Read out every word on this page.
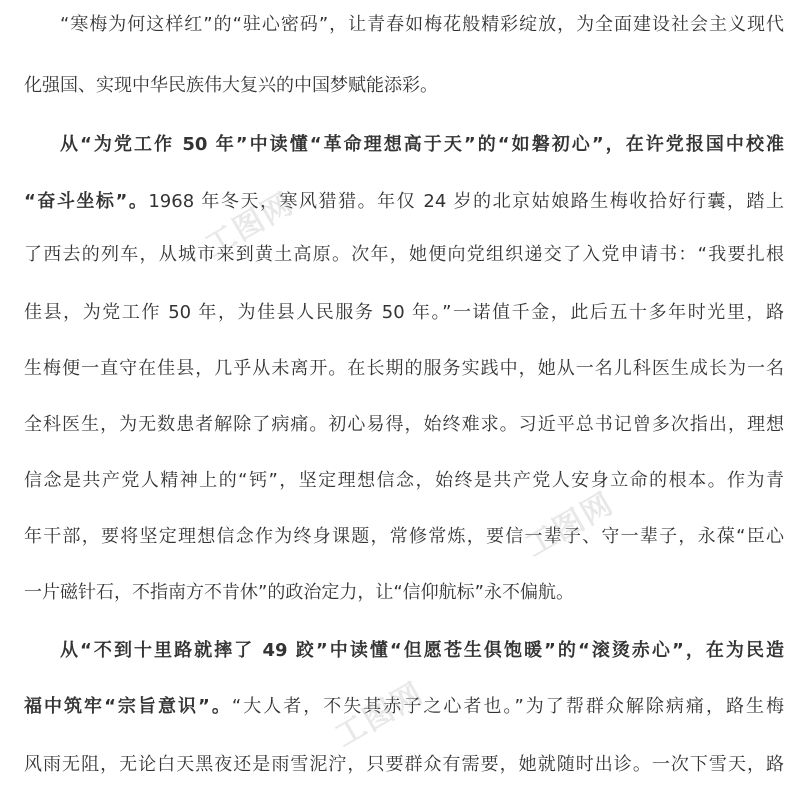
“寒梅为何这样红”的“驻心密码”，让青春如梅花般精彩绽放，为全面建设社会主义现代
化强国、实现中华民族伟大复兴的中国梦赋能添彩。
从“为党工作 50 年”中读懂“革命理想高于天”的“如磐初心”，在许党报国中校准
“奋斗坐标”。1968 年冬天，寒风猎猎。年仅 24 岁的北京姑娘路生梅收拾好行囊，踏上
了西去的列车，从城市来到黄土高原。次年，她便向党组织递交了入党申请书：“我要扎根
佳县，为党工作 50 年，为佳县人民服务 50 年。”一诺值千金，此后五十多年时光里，路
生梅便一直守在佳县，几乎从未离开。在长期的服务实践中，她从一名儿科医生成长为一名
全科医生，为无数患者解除了病痛。初心易得，始终难求。习近平总书记曾多次指出，理想
信念是共产党人精神上的“钙”，坚定理想信念，始终是共产党人安身立命的根本。作为青
年干部，要将坚定理想信念作为终身课题，常修常炼，要信一辈子、守一辈子，永葆“臣心
一片磁针石，不指南方不肯休”的政治定力，让“信仰航标”永不偏航。
从“不到十里路就摔了 49 跤”中读懂“但愿苍生俱饱暖”的“滚烫赤心”，在为民造
福中筑牢“宗旨意识”。“大人者，不失其赤子之心者也。”为了帮群众解除病痛，路生梅
风雨无阻，无论白天黑夜还是雨雪泥泞，只要群众有需要，她就随时出诊。一次下雪天，路
工图网
工图网
工图网
